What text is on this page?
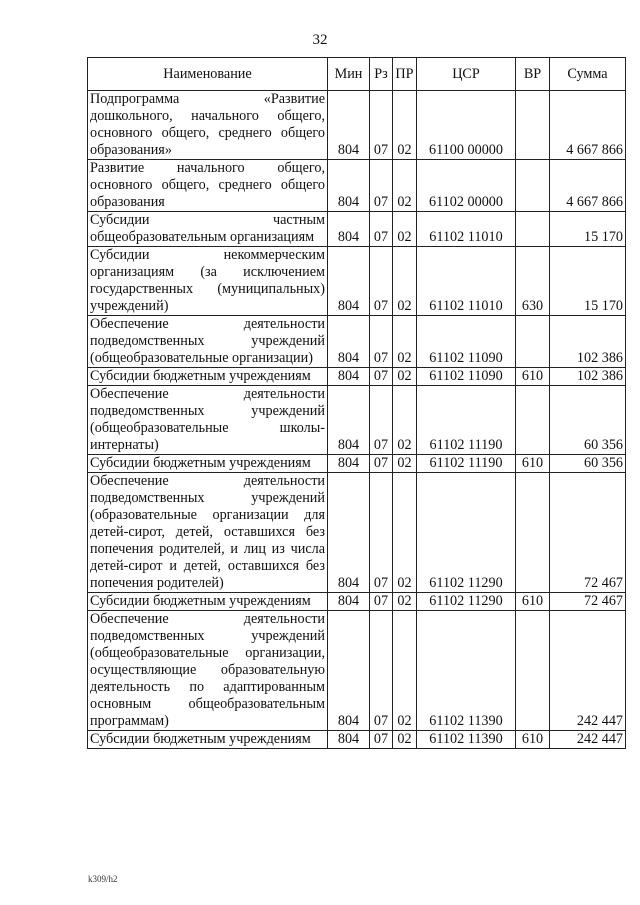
32
Наименование	Мин	Рз	ПР	ЦСР	ВР	Сумма
Подпрограмма «Развитие дошкольного, начального общего, основного общего, среднего общего образования»	804	07	02	61100 00000		4 667 866
Развитие начального общего, основного общего, среднего общего образования	804	07	02	61102 00000		4 667 866
Субсидии частным общеобразовательным организациям	804	07	02	61102 11010		15 170
Субсидии некоммерческим организациям (за исключением государственных (муниципальных) учреждений)	804	07	02	61102 11010	630	15 170
Обеспечение деятельности подведомственных учреждений (общеобразовательные организации)	804	07	02	61102 11090		102 386
Субсидии бюджетным учреждениям	804	07	02	61102 11090	610	102 386
Обеспечение деятельности подведомственных учреждений (общеобразовательные школы-интернаты)	804	07	02	61102 11190		60 356
Субсидии бюджетным учреждениям	804	07	02	61102 11190	610	60 356
Обеспечение деятельности подведомственных учреждений (образовательные организации для детей-сирот, детей, оставшихся без попечения родителей, и лиц из числа детей-сирот и детей, оставшихся без попечения родителей)	804	07	02	61102 11290		72 467
Субсидии бюджетным учреждениям	804	07	02	61102 11290	610	72 467
Обеспечение деятельности подведомственных учреждений (общеобразовательные организации, осуществляющие образовательную деятельность по адаптированным основным общеобразовательным программам)	804	07	02	61102 11390		242 447
Субсидии бюджетным учреждениям	804	07	02	61102 11390	610	242 447
k309/h2
